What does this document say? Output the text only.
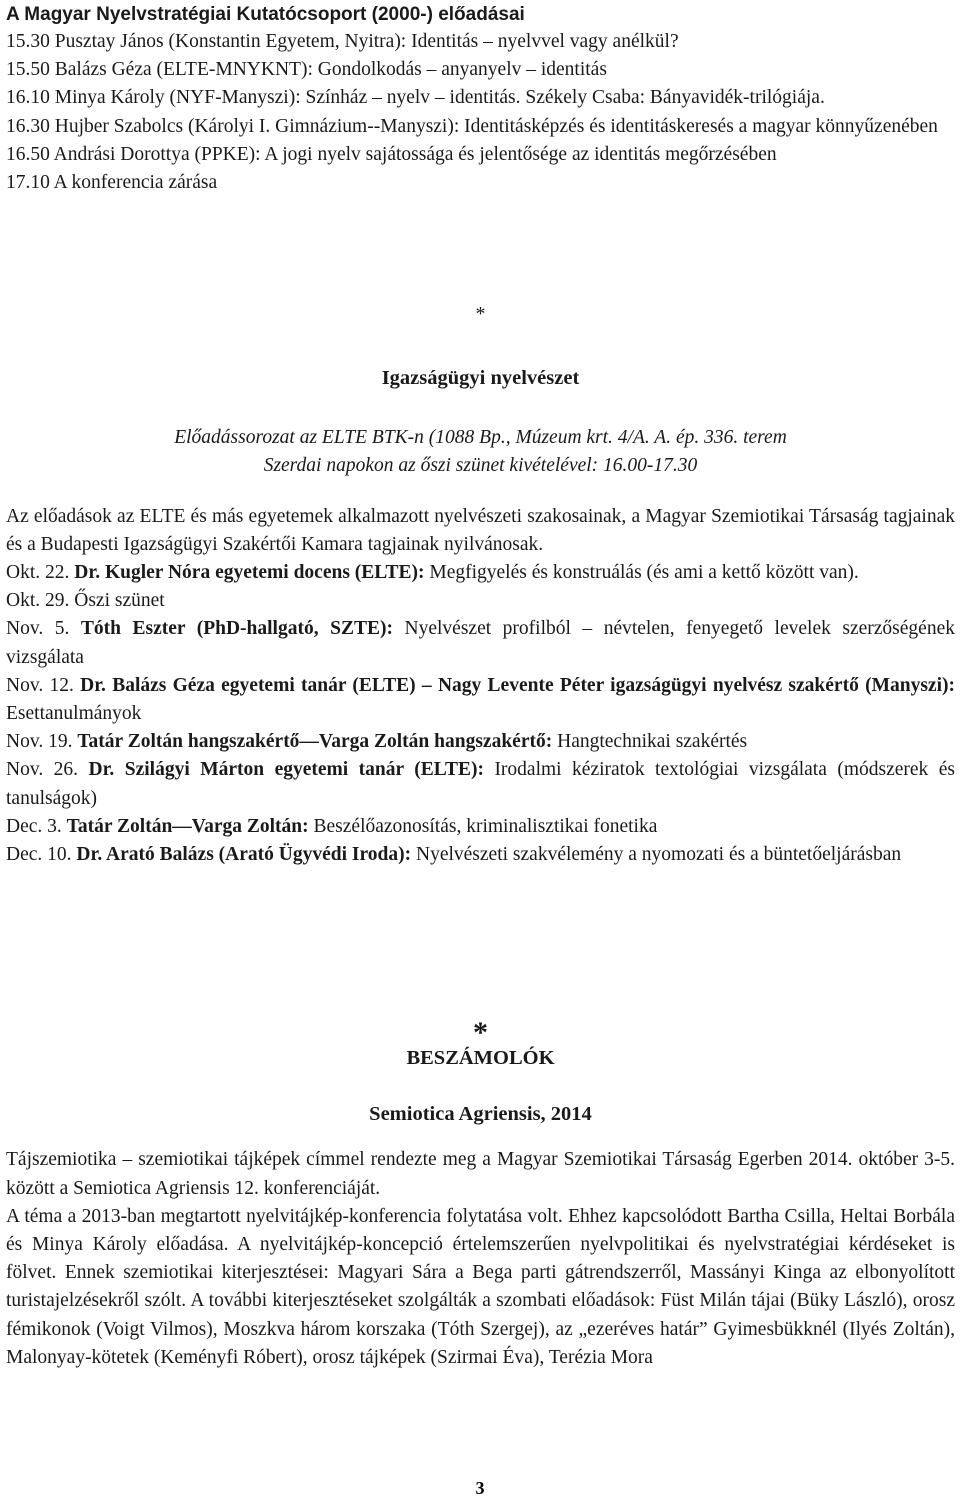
A Magyar Nyelvstratégiai Kutatócsoport (2000-) előadásai

15.30 Pusztay János (Konstantin Egyetem, Nyitra): Identitás – nyelvvel vagy anélkül?

15.50 Balázs Géza (ELTE-MNYKNT): Gondolkodás – anyanyelv – identitás

16.10 Minya Károly (NYF-Manyszi): Színház – nyelv – identitás. Székely Csaba: Bányavidék-trilógiája.

16.30 Hujber Szabolcs (Károlyi I. Gimnázium--Manyszi): Identitásképzés és identitáskeresés a magyar könnyűzenében

16.50 Andrási Dorottya (PPKE): A jogi nyelv sajátossága és jelentősége az identitás megőrzésében

17.10 A konferencia zárása

*

Igazságügyi nyelvészet

Előadássorozat az ELTE BTK-n (1088 Bp., Múzeum krt. 4/A. A. ép. 336. terem

Szerdai napokon az őszi szünet kivételével: 16.00-17.30

Az előadások az ELTE és más egyetemek alkalmazott nyelvészeti szakosainak, a Magyar Szemiotikai Társaság tagjainak és a Budapesti Igazságügyi Szakértői Kamara tagjainak nyilvánosak.

Okt. 22. Dr. Kugler Nóra egyetemi docens (ELTE): Megfigyelés és konstruálás (és ami a kettő között van).

Okt. 29. Őszi szünet

Nov. 5. Tóth Eszter (PhD-hallgató, SZTE): Nyelvészet profilból – névtelen, fenyegető levelek szerzőségének vizsgálata

Nov. 12. Dr. Balázs Géza egyetemi tanár (ELTE) – Nagy Levente Péter igazságügyi nyelvész szakértő (Manyszi): Esettanulmányok

Nov. 19. Tatár Zoltán hangszakértő—Varga Zoltán hangszakértő: Hangtechnikai szakértés

Nov. 26. Dr. Szilágyi Márton egyetemi tanár (ELTE): Irodalmi kéziratok textológiai vizsgálata (módszerek és tanulságok)

Dec. 3. Tatár Zoltán—Varga Zoltán: Beszélőazonosítás, kriminalisztikai fonetika

Dec. 10. Dr. Arató Balázs (Arató Ügyvédi Iroda): Nyelvészeti szakvélemény a nyomozati és a büntetőeljárásban

*

BESZÁMOLÓK

Semiotica Agriensis, 2014

Tájszemiotika – szemiotikai tájképek címmel rendezte meg a Magyar Szemiotikai Társaság Egerben 2014. október 3-5. között a Semiotica Agriensis 12. konferenciáját.

A téma a 2013-ban megtartott nyelvitájkép-konferencia folytatása volt. Ehhez kapcsolódott Bartha Csilla, Heltai Borbála és Minya Károly előadása. A nyelvitájkép-koncepció értelemszerűen nyelvpolitikai és nyelvstratégiai kérdéseket is fölvet. Ennek szemiotikai kiterjesztései: Magyari Sára a Bega parti gátrendszerről, Massányi Kinga az elbonyolított turistajelzésekről szólt. A további kiterjesztéseket szolgálták a szombati előadások: Füst Milán tájai (Büky László), orosz fémikonok (Voigt Vilmos), Moszkva három korszaka (Tóth Szergej), az „ezeréves határ” Gyimesbükknél (Ilyés Zoltán), Malonyay-kötetek (Keményfi Róbert), orosz tájképek (Szirmai Éva), Terézia Mora

3
